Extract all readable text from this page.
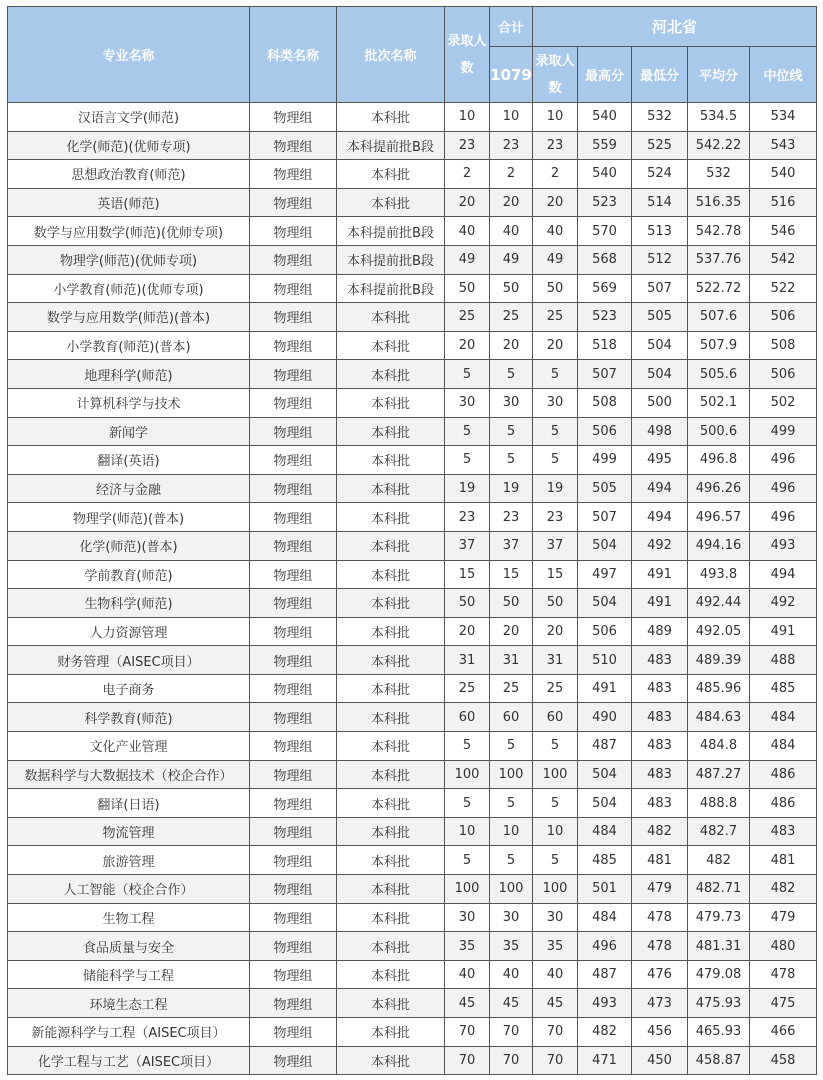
专业名称	科类名称	批次名称	录取人数	合计	河北省				
				1079	录取人数	最高分	最低分	平均分	中位线
汉语言文学(师范)	物理组	本科批	10	10	10	540	532	534.5	534
化学(师范)(优师专项)	物理组	本科提前批B段	23	23	23	559	525	542.22	543
思想政治教育(师范)	物理组	本科批	2	2	2	540	524	532	540
英语(师范)	物理组	本科批	20	20	20	523	514	516.35	516
数学与应用数学(师范)(优师专项)	物理组	本科提前批B段	40	40	40	570	513	542.78	546
物理学(师范)(优师专项)	物理组	本科提前批B段	49	49	49	568	512	537.76	542
小学教育(师范)(优师专项)	物理组	本科提前批B段	50	50	50	569	507	522.72	522
数学与应用数学(师范)(普本)	物理组	本科批	25	25	25	523	505	507.6	506
小学教育(师范)(普本)	物理组	本科批	20	20	20	518	504	507.9	508
地理科学(师范)	物理组	本科批	5	5	5	507	504	505.6	506
计算机科学与技术	物理组	本科批	30	30	30	508	500	502.1	502
新闻学	物理组	本科批	5	5	5	506	498	500.6	499
翻译(英语)	物理组	本科批	5	5	5	499	495	496.8	496
经济与金融	物理组	本科批	19	19	19	505	494	496.26	496
物理学(师范)(普本)	物理组	本科批	23	23	23	507	494	496.57	496
化学(师范)(普本)	物理组	本科批	37	37	37	504	492	494.16	493
学前教育(师范)	物理组	本科批	15	15	15	497	491	493.8	494
生物科学(师范)	物理组	本科批	50	50	50	504	491	492.44	492
人力资源管理	物理组	本科批	20	20	20	506	489	492.05	491
财务管理（AISEC项目）	物理组	本科批	31	31	31	510	483	489.39	488
电子商务	物理组	本科批	25	25	25	491	483	485.96	485
科学教育(师范)	物理组	本科批	60	60	60	490	483	484.63	484
文化产业管理	物理组	本科批	5	5	5	487	483	484.8	484
数据科学与大数据技术（校企合作）	物理组	本科批	100	100	100	504	483	487.27	486
翻译(日语)	物理组	本科批	5	5	5	504	483	488.8	486
物流管理	物理组	本科批	10	10	10	484	482	482.7	483
旅游管理	物理组	本科批	5	5	5	485	481	482	481
人工智能（校企合作）	物理组	本科批	100	100	100	501	479	482.71	482
生物工程	物理组	本科批	30	30	30	484	478	479.73	479
食品质量与安全	物理组	本科批	35	35	35	496	478	481.31	480
储能科学与工程	物理组	本科批	40	40	40	487	476	479.08	478
环境生态工程	物理组	本科批	45	45	45	493	473	475.93	475
新能源科学与工程（AISEC项目）	物理组	本科批	70	70	70	482	456	465.93	466
化学工程与工艺（AISEC项目）	物理组	本科批	70	70	70	471	450	458.87	458
